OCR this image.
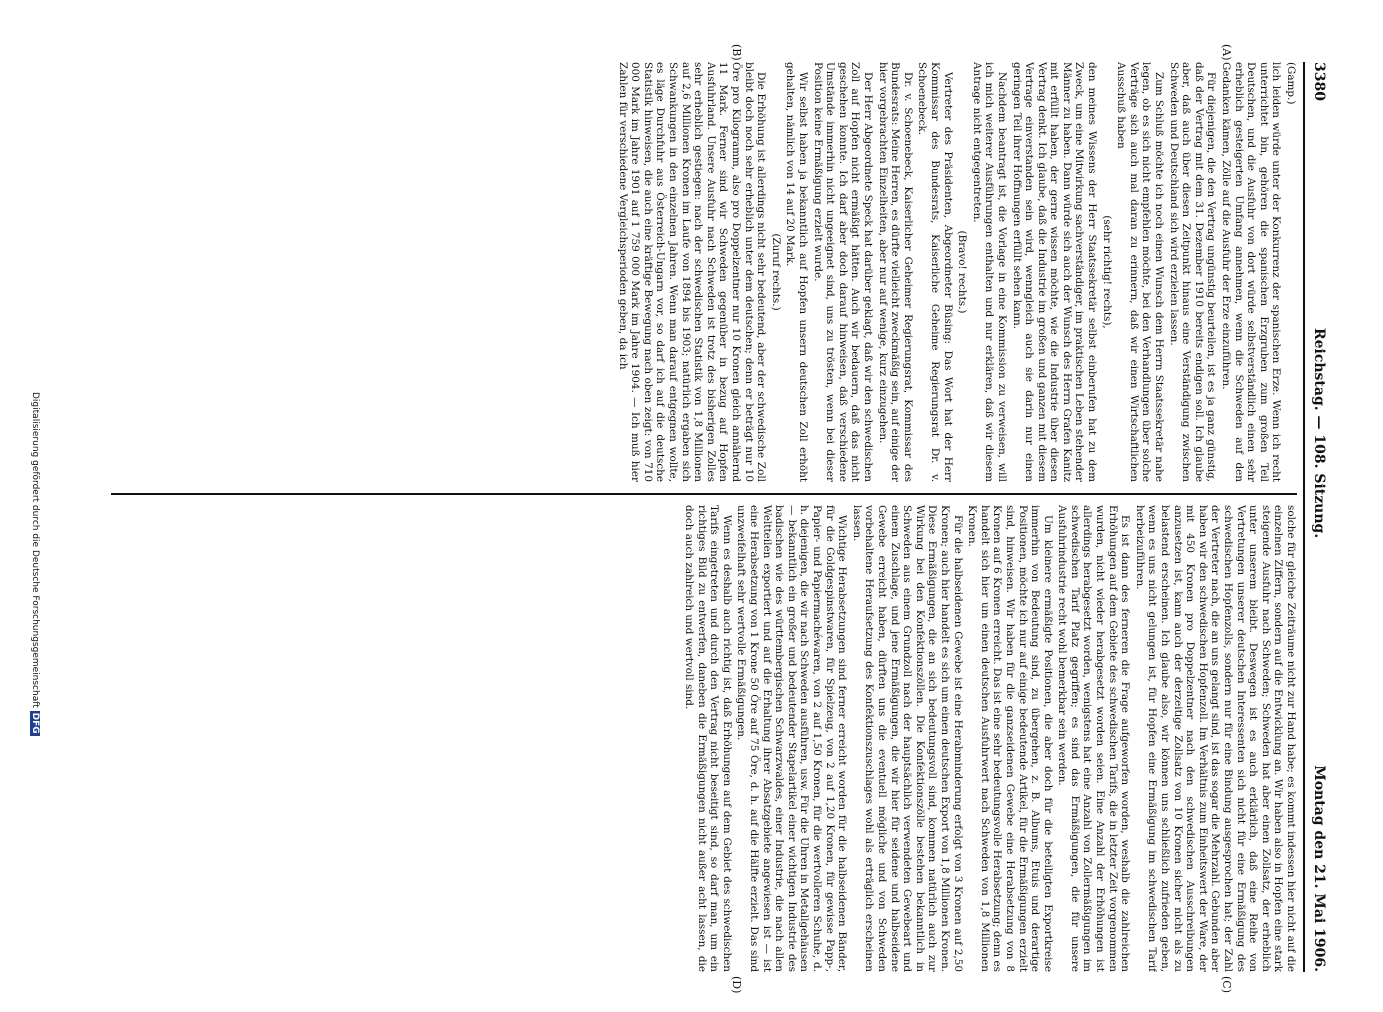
3380
Reichstag. — 108. Sitzung.
Montag den 21. Mai 1906.
(A)
(B)
(C)
(D)

(Gamp.)

lich leiden würde unter der Konkurrenz der spanischen Erze. Wenn ich recht unterrichtet bin, gehören die spanischen Erzgruben zum großen Teil Deutschen, und die Ausfuhr von dort würde selbstverständlich einen sehr erheblich gesteigerten Umfang annehmen, wenn die Schweden auf den Gedanken kämen, Zölle auf die Ausfuhr der Erze einzuführen.

Für diejenigen, die den Vertrag ungünstig beurteilen, ist es ja ganz günstig, daß der Vertrag mit dem 31. Dezember 1910 bereits endigen soll. Ich glaube aber, daß auch über diesen Zeitpunkt hinaus eine Verständigung zwischen Schweden und Deutschland sich wird erzielen lassen.

Zum Schluß möchte ich noch einen Wunsch dem Herrn Staatssekretär nahe legen, ob es sich nicht empfehlen möchte, bei den Verhandlungen über solche Verträge sich auch mal daran zu erinnern, daß wir einen Wirtschaftlichen Ausschuß haben

(sehr richtig! rechts),

den meines Wissens der Herr Staatssekretär selbst einberufen hat zu dem Zweck, um eine Mitwirkung sachverständiger, im praktischen Leben stehender Männer zu haben. Dann würde sich auch der Wunsch des Herrn Grafen Kanitz mit erfüllt haben, der gerne wissen möchte, wie die Industrie über diesen Vertrag denkt. Ich glaube, daß die Industrie im großen und ganzen mit diesem Vertrage einverstanden sein wird, wenngleich auch sie darin nur einen geringen Teil ihrer Hoffnungen erfüllt sehen kann.

Nachdem beantragt ist, die Vorlage in eine Kommission zu verweisen, will ich mich weiterer Ausführungen enthalten und nur erklären, daß wir diesem Antrage nicht entgegentreten.

(Bravo! rechts.)

Vertreter des Präsidenten, Abgeordneter Büsing: Das Wort hat der Herr Kommissar des Bundesrats, Kaiserliche Geheime Regierungsrat Dr. v. Schoenebeck.

Dr. v. Schoenebeck, Kaiserlicher Geheimer Regierungsrat, Kommissar des Bundesrats: Meine Herren, es dürfte vielleicht zweckmäßig sein, auf einige der hier vorgebrachten Einzelheiten, aber nur auf wenige, kurz einzugehen.

Der Herr Abgeordnete Speck hat darüber geklagt, daß wir den schwedischen Zoll auf Hopfen nicht ermäßigt hätten. Auch wir bedauern, daß das nicht geschehen konnte. Ich darf aber doch darauf hinweisen, daß verschiedene Umstände immerhin nicht ungeeignet sind, uns zu trösten, wenn bei dieser Position keine Ermäßigung erzielt wurde.

Wir selbst haben ja bekanntlich auf Hopfen unsern deutschen Zoll erhöht gehalten, nämlich von 14 auf 20 Mark.

(Zuruf rechts.)

Die Erhöhung ist allerdings nicht sehr bedeutend, aber der schwedische Zoll bleibt doch noch sehr erheblich unter dem deutschen; denn er beträgt nur 10 Öre pro Kilogramm, also pro Doppelzentner nur 10 Kronen gleich annähernd 11 Mark. Ferner sind wir Schweden gegenüber in bezug auf Hopfen Ausfuhrland. Unsere Ausfuhr nach Schweden ist trotz des bisherigen Zolles sehr erheblich gestiegen: nach der schwedischen Statistik von 1,8 Millionen auf 2,6 Millionen Kronen im Laufe von 1894 bis 1903; natürlich ergaben sich Schwankungen in den einzelnen Jahren. Wenn man darauf entgegnen wollte, es läge Durchfuhr aus Österreich-Ungarn vor, so darf ich auf die deutsche Statistik hinweisen, die auch eine kräftige Bewegung nach oben zeigt: von 710 000 Mark im Jahre 1901 auf 1 759 000 Mark im Jahre 1904. — Ich muß hier Zahlen für verschiedene Vergleichsperioden geben, da ich

solche für gleiche Zeiträume nicht zur Hand habe; es kommt indessen hier nicht auf die einzelnen Ziffern, sondern auf die Entwicklung an. Wir haben also in Hopfen eine stark steigende Ausfuhr nach Schweden; Schweden hat aber einen Zollsatz, der erheblich unter unserem bleibt. Deswegen ist es auch erklärlich, daß eine Reihe von Vertretungen unserer deutschen Interessenten sich nicht für eine Ermäßigung des schwedischen Hopfenzolls, sondern nur für eine Bindung ausgesprochen hat; der Zahl der Vertreter nach, die an uns gelangt sind, ist das sogar die Mehrzahl. Gebunden aber haben wir den schwedischen Hopfenzoll. Im Verhältnis zum Einheitswert der Ware, der mit 450 Kronen pro Doppelzentner nach den schwedischen Ausschreibungen anzusetzen ist, kann auch der derzeitige Zollsatz von 10 Kronen sicher nicht als zu belastend erscheinen. Ich glaube also, wir können uns schließlich zufrieden geben, wenn es uns nicht gelungen ist, für Hopfen eine Ermäßigung im schwedischen Tarif herbeizuführen.

Es ist dann des ferneren die Frage aufgeworfen worden, weshalb die zahlreichen Erhöhungen auf dem Gebiete des schwedischen Tarifs, die in letzter Zeit vorgenommen wurden, nicht wieder herabgesetzt worden seien. Eine Anzahl der Erhöhungen ist allerdings herabgesetzt worden, wenigstens hat eine Anzahl von Zollermäßigungen im schwedischen Tarif Platz gegriffen; es sind das Ermäßigungen, die für unsere Ausfuhrindustrie recht wohl bemerkbar sein werden.

Um kleinere ermäßigte Positionen, die aber doch für die beteiligten Exportkreise immerhin von Bedeutung sind, zu übergehen, z. B. Albums, Etuis und derartige Positionen, möchte ich nur auf einige bedeutende Artikel, für die Ermäßigungen erzielt sind, hinweisen. Wir haben für die ganzseidenen Gewebe eine Herabsetzung von 8 Kronen auf 6 Kronen erreicht. Das ist eine sehr bedeutungsvolle Herabsetzung; denn es handelt sich hier um einen deutschen Ausfuhrwert nach Schweden von 1,8 Millionen Kronen.

Für die halbseidenen Gewebe ist eine Herabminderung erfolgt von 3 Kronen auf 2,50 Kronen; auch hier handelt es sich um einen deutschen Export von 1,8 Millionen Kronen. Diese Ermäßigungen, die an sich bedeutungsvoll sind, kommen natürlich auch zur Wirkung bei den Konfektionszöllen. Die Konfektionszölle bestehen bekanntlich in Schweden aus einem Grundzoll nach der hauptsächlich verwendeten Gewebeart und einem Zuschlage, und jene Ermäßigungen, die wir hier für seidene und halbseidene Gewebe erreicht haben, dürften uns die eventuell mögliche und von Schweden vorbehaltene Heraufsetzung des Konfektionszuschlages wohl als erträglich erscheinen lassen.

Wichtige Herabsetzungen sind ferner erreicht worden für die halbseidenen Bänder, für die Goldgespinstwaren, für Spielzeug, von 2 auf 1,20 Kronen, für gewisse Papp-, Papier- und Papiermachéwaren, von 2 auf 1,50 Kronen, für die wertvolleren Schuhe, d. h. diejenigen, die wir nach Schweden ausführen, usw. Für die Uhren in Metallgehäusen — bekanntlich ein großer und bedeutender Stapelartikel einer wichtigen Industrie des badischen wie des württembergischen Schwarzwaldes, einer Industrie, die nach allen Weltteilen exportiert und auf die Erhaltung ihrer Absatzgebiete angewiesen ist — ist eine Herabsetzung von 1 Krone 50 Öre auf 75 Öre, d. h. auf die Hälfte erzielt. Das sind unzweifelhaft sehr wertvolle Ermäßigungen.

Wenn es deshalb auch richtig ist, daß Erhöhungen auf dem Gebiet des schwedischen Tarifs eingetreten und durch den Vertrag nicht beseitigt sind, so darf man, um ein richtiges Bild zu entwerfen, daneben die Ermäßigungen nicht außer acht lassen, die doch auch zahlreich und wertvoll sind.

Digitalisierung gefördert durch die Deutsche Forschungsgemeinschaft DFG
